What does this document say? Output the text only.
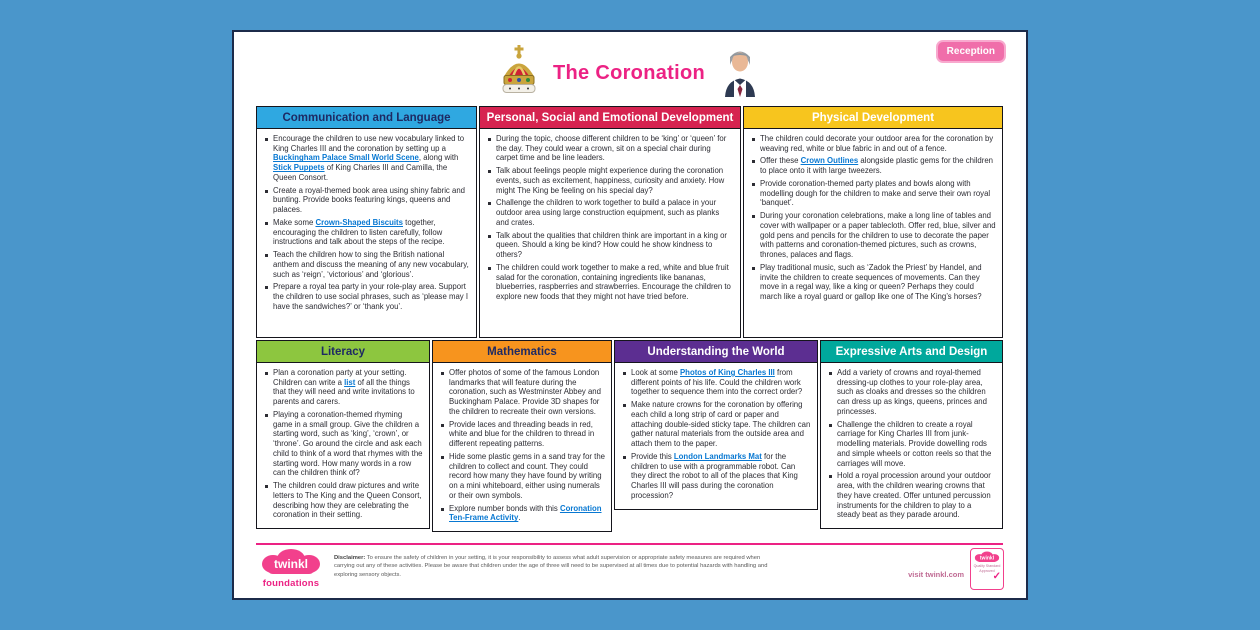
Reception
The Coronation
Communication and Language
Encourage the children to use new vocabulary linked to King Charles III and the coronation by setting up a Buckingham Palace Small World Scene, along with Stick Puppets of King Charles III and Camilla, the Queen Consort.
Create a royal-themed book area using shiny fabric and bunting. Provide books featuring kings, queens and palaces.
Make some Crown-Shaped Biscuits together, encouraging the children to listen carefully, follow instructions and talk about the steps of the recipe.
Teach the children how to sing the British national anthem and discuss the meaning of any new vocabulary, such as ‘reign’, ‘victorious’ and ‘glorious’.
Prepare a royal tea party in your role-play area. Support the children to use social phrases, such as ‘please may I have the sandwiches?’ or ‘thank you’.
Personal, Social and Emotional Development
During the topic, choose different children to be ‘king’ or ‘queen’ for the day. They could wear a crown, sit on a special chair during carpet time and be line leaders.
Talk about feelings people might experience during the coronation events, such as excitement, happiness, curiosity and anxiety. How might The King be feeling on his special day?
Challenge the children to work together to build a palace in your outdoor area using large construction equipment, such as planks and crates.
Talk about the qualities that children think are important in a king or queen. Should a king be kind? How could he show kindness to others?
The children could work together to make a red, white and blue fruit salad for the coronation, containing ingredients like bananas, blueberries, raspberries and strawberries. Encourage the children to explore new foods that they might not have tried before.
Physical Development
The children could decorate your outdoor area for the coronation by weaving red, white or blue fabric in and out of a fence.
Offer these Crown Outlines alongside plastic gems for the children to place onto it with large tweezers.
Provide coronation-themed party plates and bowls along with modelling dough for the children to make and serve their own royal ‘banquet’.
During your coronation celebrations, make a long line of tables and cover with wallpaper or a paper tablecloth. Offer red, blue, silver and gold pens and pencils for the children to use to decorate the paper with patterns and coronation-themed pictures, such as crowns, thrones, palaces and flags.
Play traditional music, such as ‘Zadok the Priest’ by Handel, and invite the children to create sequences of movements. Can they move in a regal way, like a king or queen? Perhaps they could march like a royal guard or gallop like one of The King’s horses?
Literacy
Plan a coronation party at your setting. Children can write a list of all the things that they will need and write invitations to parents and carers.
Playing a coronation-themed rhyming game in a small group. Give the children a starting word, such as ‘king’, ‘crown’, or ‘throne’. Go around the circle and ask each child to think of a word that rhymes with the starting word. How many words in a row can the children think of?
The children could draw pictures and write letters to The King and the Queen Consort, describing how they are celebrating the coronation in their setting.
Mathematics
Offer photos of some of the famous London landmarks that will feature during the coronation, such as Westminster Abbey and Buckingham Palace. Provide 3D shapes for the children to recreate their own versions.
Provide laces and threading beads in red, white and blue for the children to thread in different repeating patterns.
Hide some plastic gems in a sand tray for the children to collect and count. They could record how many they have found by writing on a mini whiteboard, either using numerals or their own symbols.
Explore number bonds with this Coronation Ten-Frame Activity.
Understanding the World
Look at some Photos of King Charles III from different points of his life. Could the children work together to sequence them into the correct order?
Make nature crowns for the coronation by offering each child a long strip of card or paper and attaching double-sided sticky tape. The children can gather natural materials from the outside area and attach them to the paper.
Provide this London Landmarks Mat for the children to use with a programmable robot. Can they direct the robot to all of the places that King Charles III will pass during the coronation procession?
Expressive Arts and Design
Add a variety of crowns and royal-themed dressing-up clothes to your role-play area, such as cloaks and dresses so the children can dress up as kings, queens, princes and princesses.
Challenge the children to create a royal carriage for King Charles III from junk-modelling materials. Provide dowelling rods and simple wheels or cotton reels so that the carriages will move.
Hold a royal procession around your outdoor area, with the children wearing crowns that they have created. Offer untuned percussion instruments for the children to play to a steady beat as they parade around.
twinkl
foundations
Disclaimer: To ensure the safety of children in your setting, it is your responsibility to assess what adult supervision or appropriate safety measures are required when carrying out any of these activities. Please be aware that children under the age of three will need to be supervised at all times due to potential hazards with handling and exploring sensory objects.	visit twinkl.com
twinkl
Quality Standard Approved
✓
